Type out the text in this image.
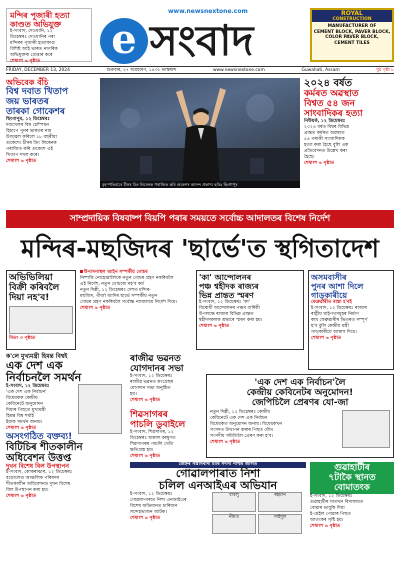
মন্দিৰ পূজাৰী হত্যা কাণ্ডত অভিযুক্ত
ই-সংবাদ, দেওধানি, ১২
ডিচেম্বৰঃ দেওধানিৰ পৰা
মন্দিৰৰ পূজাৰী হত্যাকাণ্ড
বিশিষ্ট আই ভাৰত নাগৰিক
অভিযুক্তক গ্ৰেপ্তাৰ কৰে
শেষাংশ ৬ পৃষ্ঠাত
www.newsnextone.com
e সংবাদ
ROYAL
CONSTRUCTION
MANUFACTURER OF
CEMENT BLOCK, PAVER BLOCK,
COLOR PAVER BLOCK,
CEMENT TILES
FRIDAY, DECEMBER 13, 2024	শুক্ৰবাৰ, ২৭ অগ্ৰহায়ণ, ১৪৩১ ভাস্কৰাব্দ	www.newsnextone.com	Guwahati, Assam	মুঠ পৃষ্ঠা ৮
অভিবেক বঁচি
বিশ্ব দবাত খিতাপ
জয় ভাৰতৰ
তাৰকা গোকেশৰ
ছিংগাপুৰ, ১২ ডিচেম্বৰঃ
দবাখেলৰ বিশ্ব চেম্পিয়ন
হিচাপে পুনৰ ভাৰতৰ নাম
উজ্জ্বল কৰিলে ১৮ বছৰীয়া
গুকেশে। চীনৰ ডিং লিৰেনক
পৰাজিত কৰি গুকেশে এই
খিতাপ দখল কৰে।
শেষাংশ ৬ পৃষ্ঠাত
বৃহস্পতিবাৰে চীনৰ ডিং লিৰেনক পৰাজিত কৰি গুকেশৰ আনন্দ প্ৰকাশ। ছবিঃ ছিংগাপুৰ
২০২৪ বৰ্ষত
কৰ্মৰত অৱস্থাত
বিশ্বত ৫৪ জন
সাংবাদিকৰ হত্যা
নিউয়ৰ্ক, ১২ ডিচেম্বৰঃ
২০২৪ বৰ্ষত বিশ্বৰ বিভিন্ন
প্ৰান্তত কৰ্মৰত অৱস্থাত
৫৪ গৰাকী সাংবাদিকক
হত্যা কৰা হৈছে বুলি এক
প্ৰতিবেদনত উল্লেখ কৰা
হৈছে।
শেষাংশ ৬ পৃষ্ঠাত
সাম্প্ৰদায়িক বিষবাষ্প বিয়পি পৰাৰ সময়তে সৰ্বোচ্চ আদালতৰ বিশেষ নিৰ্দেশ
মন্দিৰ-মছজিদৰ 'ছাৰ্ভে'ত স্থগিতাদেশ
অভিভিলিয়া
বিক্ৰী কৰিবলৈ
দিয়া নহ'ব!
বিতং ৩ পৃষ্ঠাত
উপাসনাস্থল আইন সম্পৰ্কীয় গোচৰ
নিষ্পত্তি নোহোৱালৈকে নতুন গোচৰ গ্ৰহণ নকৰিবলৈ
এই নিৰ্দেশ, নতুন গোচৰো নহ'ব কৰ্ম
নতুন দিল্লী, ১২ ডিচেম্বৰঃ দেশত মন্দিৰ-
মছজিদ, গীৰ্জা আদিৰ ছাৰ্ভে সম্পৰ্কীয় নতুন
গোচৰ গ্ৰহণ নকৰিবলৈ সৰ্বোচ্চ ন্যায়ালয়ে নিৰ্দেশ দিয়ে।
শেষাংশ ৬ পৃষ্ঠাত
'কা' আন্দোলনৰ
পঞ্চ শ্বহীদক ৰাজ্যৰ
ভিন্ন প্ৰান্তত স্মৰণ
ই-সংবাদ, ১২ ডিচেম্বৰঃ 'কা'
বিৰোধী আন্দোলনৰ পঞ্চম বাৰ্ষিকী
উপলক্ষে ৰাজ্যৰ বিভিন্ন প্ৰান্তত
শ্বহীদসকলক শ্ৰদ্ধাৰে স্মৰণ কৰা হয়।
শেষাংশ ৬ পৃষ্ঠাত
অসমবাসীৰ
পুনৰ আশা দিলে
গাড্কাৰীয়ে
ফেব্ৰুৱাৰীত ৰাস্তা হ'বই
ই-সংবাদ, ১২ ডিচেম্বৰঃ ৰাজ্যৰ
ৰাষ্ট্ৰীয় ঘাইপথসমূহৰ নিৰ্মাণ
কাম ফেব্ৰুৱাৰীৰ ভিতৰত সম্পূৰ্ণ
হ'ব বুলি কেন্দ্ৰীয় মন্ত্ৰী
গাড্কাৰীয়ে আশ্বাস দিয়ে।
শেষাংশ ৬ পৃষ্ঠাত
ক'লে মুখ্যমন্ত্ৰী হিমন্ত বিশ্বই
এক দেশ এক
নিৰ্বাচনলৈ সমৰ্থন
ই-সংবাদ, ১২ ডিচেম্বৰঃ
'এক দেশ এক নিৰ্বাচন'
বিধেয়কক কেন্দ্ৰীয়
কেবিনেটে অনুমোদন
দিয়াৰ পিছতে মুখ্যমন্ত্ৰী
হিমন্ত বিশ্ব শৰ্মাই
ইয়াক সমৰ্থন জনায়।
শেষাংশ ৬ পৃষ্ঠাত
ৰাজীৱ ভৱনত
যোগদানৰ সভা
ই-সংবাদ, ১২ ডিচেম্বৰঃ
ৰাজীৱ ভৱনত কংগ্ৰেছৰ
যোগদান সভা অনুষ্ঠিত
হয়।
শেষাংশ ৬ পৃষ্ঠাত
শিৱসাগৰৰ
পাচলি ডুবাইলে
ই-সংবাদ, শিৱসাগৰ, ১২
ডিচেম্বৰঃ অকাল বৰষুণত
শিৱসাগৰৰ পাচলি খেতি
ক্ষতিগ্ৰস্ত হয়।
শেষাংশ ৬ পৃষ্ঠাত
'এক দেশ এক নিৰ্বাচন'লৈ
কেন্দ্ৰীয় কেবিনেটৰ অনুমোদন!
জেপিচিলৈ প্ৰেৰণৰ যো-জা
নতুন দিল্লী, ১২ ডিচেম্বৰঃ কেন্দ্ৰীয়
কেবিনেটে এক দেশ এক নিৰ্বাচন
বিধেয়কত অনুমোদন জনায়। বিধেয়কখন
সংসদত উত্থাপন কৰাৰ পিছত যৌথ
সংসদীয় সমিতিলৈ প্ৰেৰণ কৰা হ'ব।
শেষাংশ ৬ পৃষ্ঠাত
অসংগঠিত বক্তব্য!
বিটিচিৰ শীতকালীন
অধিবেশন উত্তপ্ত
দুখন বিশেষ বিল উপস্থাপন
ই-সংবাদ, কোকৰাঝাৰ, ১২ ডিচেম্বৰঃ
বড়োলেণ্ড আঞ্চলিক পৰিষদৰ
শীতকালীন অধিবেশনত দুখন বিশেষ
বিল উপস্থাপন কৰা হয়।
শেষাংশ ৬ পৃষ্ঠাত
জেহ্নৰ সন্ত্ৰাসবাদী চাৰি সদস্য পশ্চিম জালত
গোৱালপাৰাত নিশা
চলিল এনআইএৰ অভিযান
ই-সংবাদ, ১২ ডিচেম্বৰঃ
গোৱালপাৰাত নিশা এনআইএৰ
বিশেষ অভিযানত চাৰিজন
সন্দেহভাজন আটক।
শেষাংশ ৬ পৃষ্ঠাত
বাবলু	ৰহমান
নীমত	সাইদুল
গুৱাহাটীৰ
৭টাকৈ স্থানত
বোমাতংক
ই-সংবাদ, ১২ ডিচেম্বৰঃ
গুৱাহাটীৰ সাতখন বিদ্যালয়ত
বোমাৰ ভাবুকি দিয়া
ই-মেইল পোৱাৰ পিছত
আতংকৰ সৃষ্টি হয়।
শেষাংশ ৬ পৃষ্ঠাত
